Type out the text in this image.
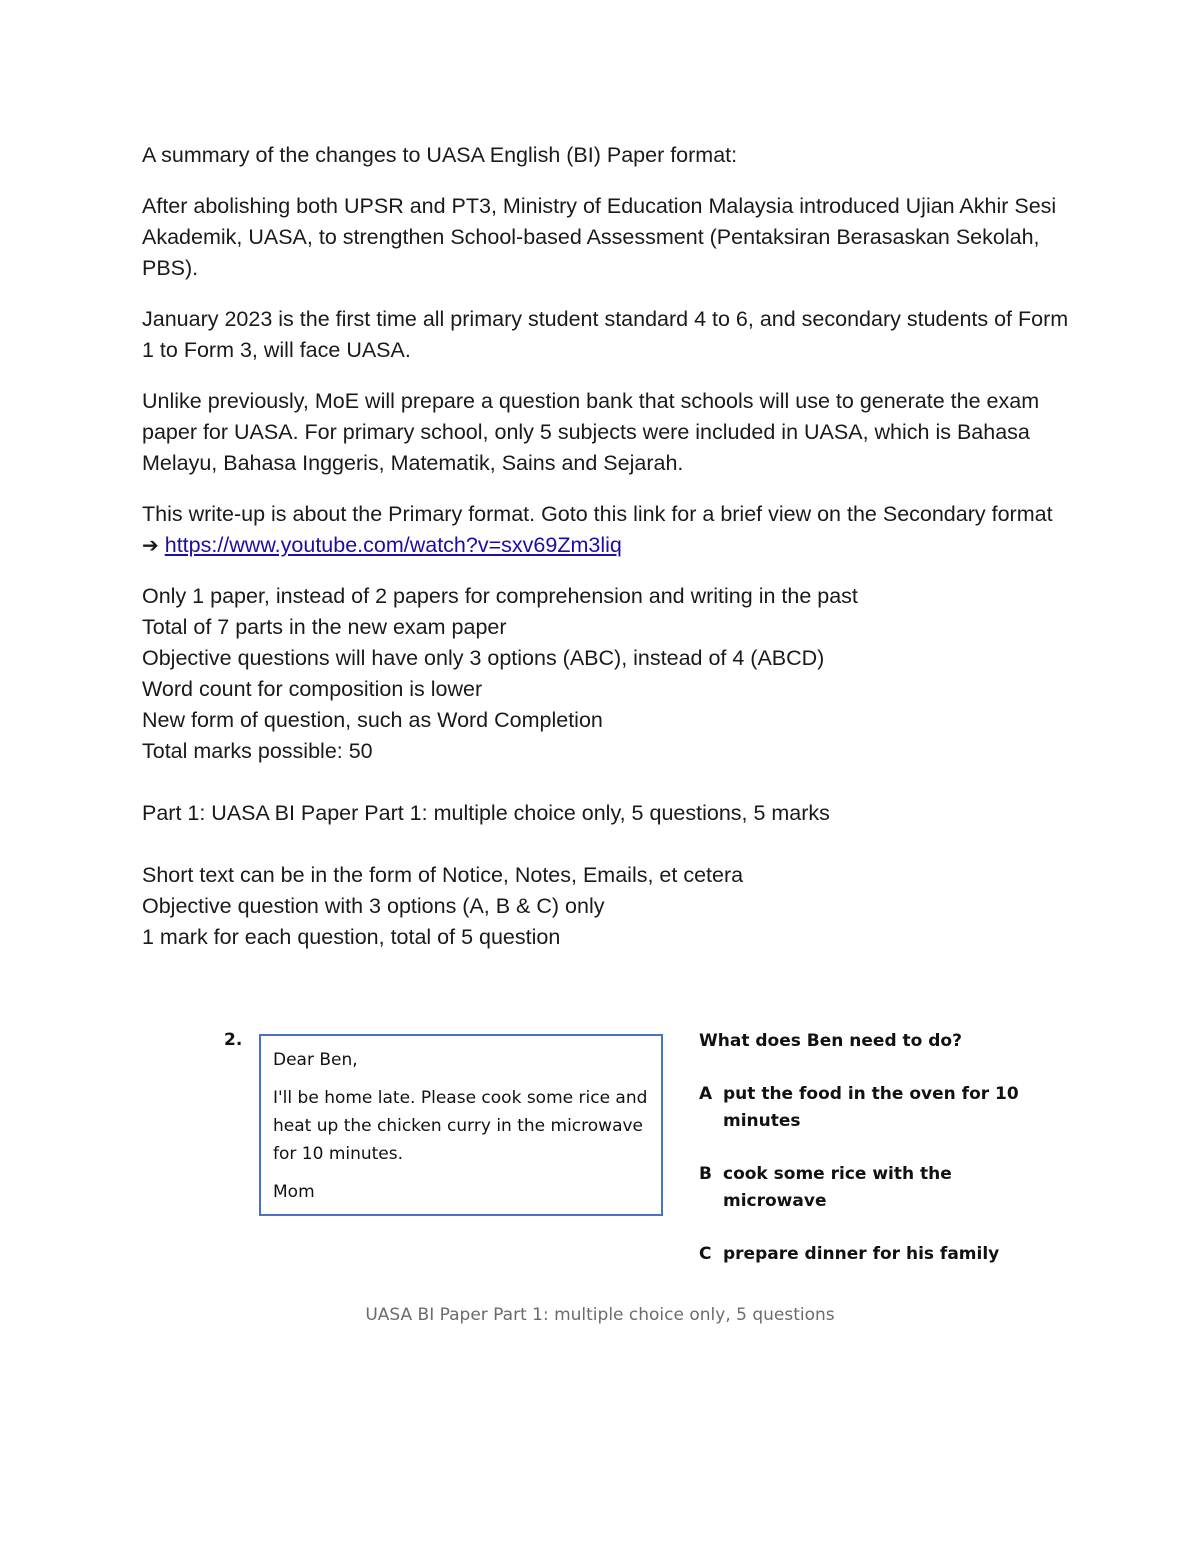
A summary of the changes to UASA English (BI) Paper format:

After abolishing both UPSR and PT3, Ministry of Education Malaysia introduced Ujian Akhir Sesi Akademik, UASA, to strengthen School-based Assessment (Pentaksiran Berasaskan Sekolah, PBS).

January 2023 is the first time all primary student standard 4 to 6, and secondary students of Form 1 to Form 3, will face UASA.

Unlike previously, MoE will prepare a question bank that schools will use to generate the exam paper for UASA. For primary school, only 5 subjects were included in UASA, which is Bahasa Melayu, Bahasa Inggeris, Matematik, Sains and Sejarah.

This write-up is about the Primary format. Goto this link for a brief view on the Secondary format ➔ https://www.youtube.com/watch?v=sxv69Zm3liq

Only 1 paper, instead of 2 papers for comprehension and writing in the past
Total of 7 parts in the new exam paper
Objective questions will have only 3 options (ABC), instead of 4 (ABCD)
Word count for composition is lower
New form of question, such as Word Completion
Total marks possible: 50
Part 1: UASA BI Paper Part 1: multiple choice only, 5 questions, 5 marks
Short text can be in the form of Notice, Notes, Emails, et cetera
Objective question with 3 options (A, B & C) only
1 mark for each question, total of 5 question
2.
Dear Ben,
I'll be home late. Please cook some rice and heat up the chicken curry in the microwave for 10 minutes.
Mom
What does Ben need to do?
A put the food in the oven for 10 minutes
B cook some rice with the microwave
C prepare dinner for his family
UASA BI Paper Part 1: multiple choice only, 5 questions
